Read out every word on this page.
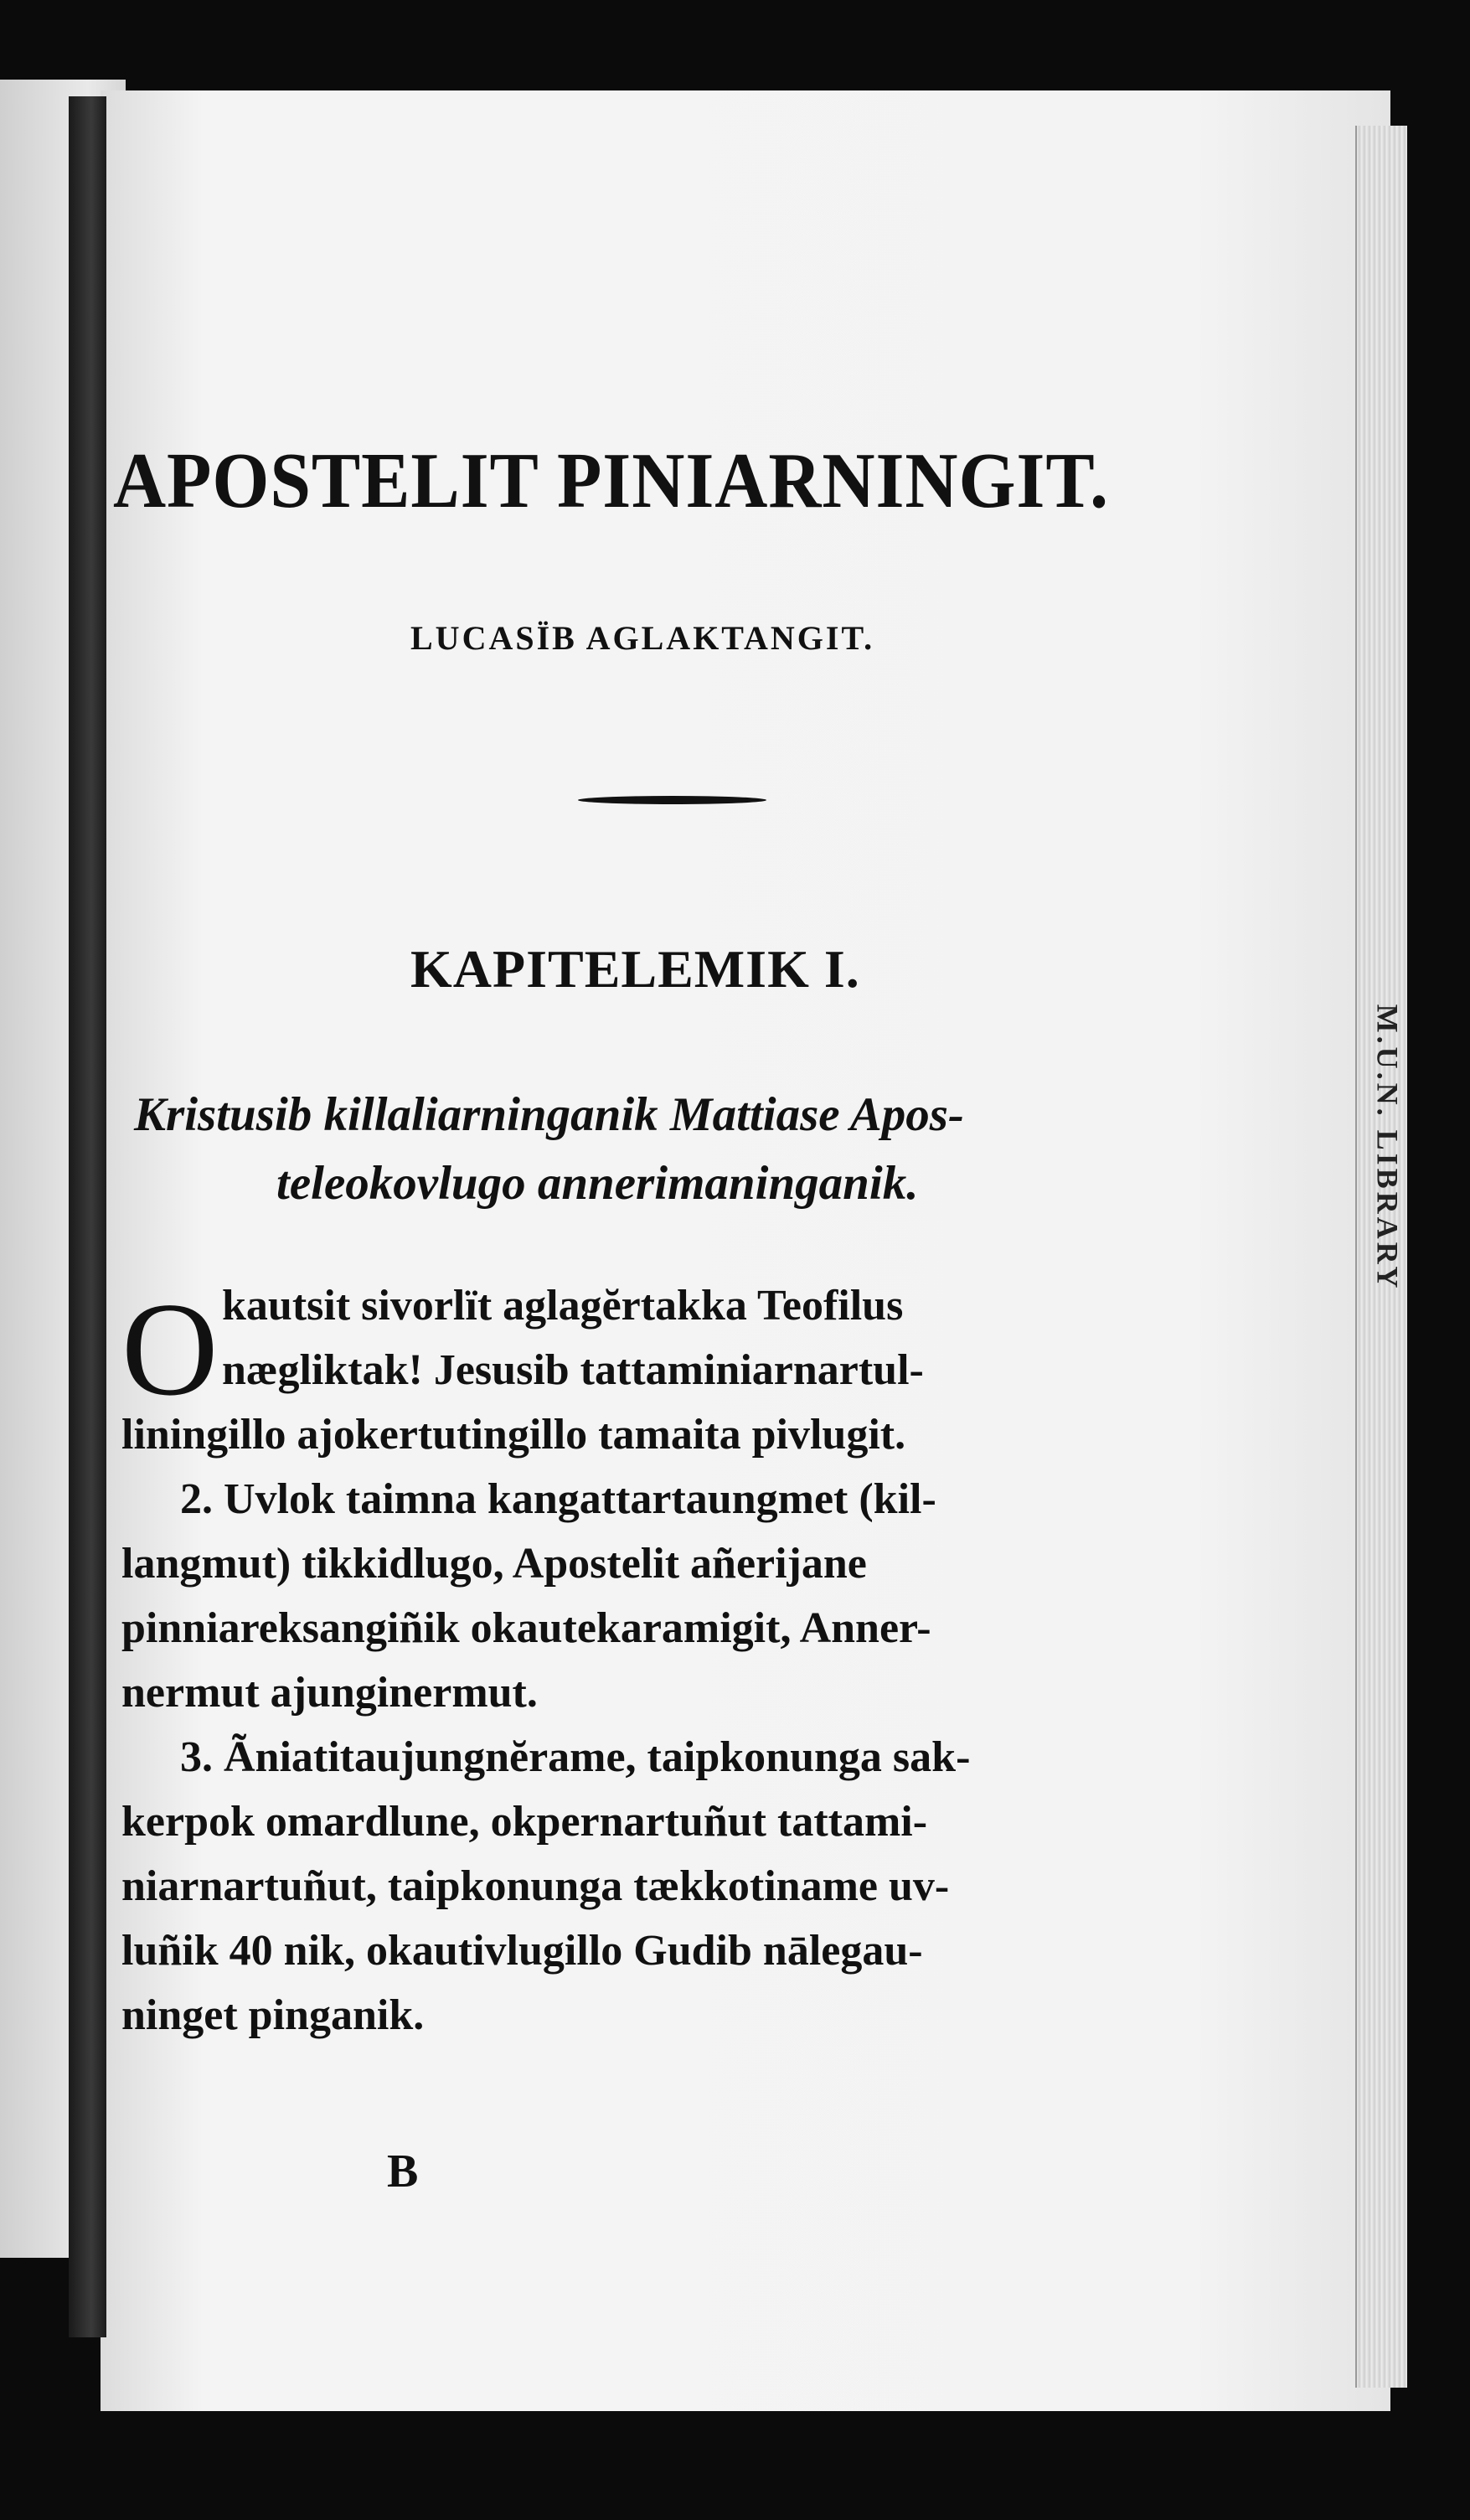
M.U.N. LIBRARY
APOSTELIT PINIARNINGIT.
LUCASÏB AGLAKTANGIT.
KAPITELEMIK I.
Kristusib killaliarninganik Mattiase Apos-
teleokovlugo annerimaninganik.
O kautsit sivorlït aglagĕrtakka Teofilus
nægliktak! Jesusib tattaminiarnartul-
liningillo ajokertutingillo tamaita pivlugit.
2. Uvlok taimna kangattartaungmet (kil-
langmut) tikkidlugo, Apostelit añerijane
pinniareksangiñik okautekaramigit, Anner-
nermut ajunginermut.
3. Ãniatitaujungnĕrame, taipkonunga sak-
kerpok omardlune, okpernartuñut tattami-
niarnartuñut, taipkonunga tækkotiname uv-
luñik 40 nik, okautivlugillo Gudib nālegau-
ninget pinganik.
B
